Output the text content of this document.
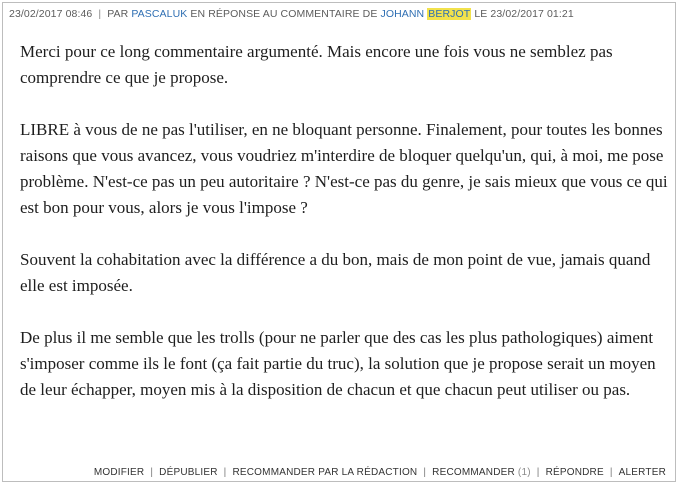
23/02/2017 08:46 | PAR PASCALUK EN RÉPONSE AU COMMENTAIRE DE JOHANN BERJOT LE 23/02/2017 01:21

Merci pour ce long commentaire argumenté. Mais encore une fois vous ne semblez pas comprendre ce que je propose.

LIBRE à vous de ne pas l'utiliser, en ne bloquant personne. Finalement, pour toutes les bonnes raisons que vous avancez, vous voudriez m'interdire de bloquer quelqu'un, qui, à moi, me pose problème. N'est-ce pas un peu autoritaire ? N'est-ce pas du genre, je sais mieux que vous ce qui est bon pour vous, alors je vous l'impose ?

Souvent la cohabitation avec la différence a du bon, mais de mon point de vue, jamais quand elle est imposée.

De plus il me semble que les trolls (pour ne parler que des cas les plus pathologiques) aiment s'imposer comme ils le font (ça fait partie du truc), la solution que je propose serait un moyen de leur échapper, moyen mis à la disposition de chacun et que chacun peut utiliser ou pas.

MODIFIER | DÉPUBLIER | RECOMMANDER PAR LA RÉDACTION | RECOMMANDER (1) | RÉPONDRE | ALERTER
